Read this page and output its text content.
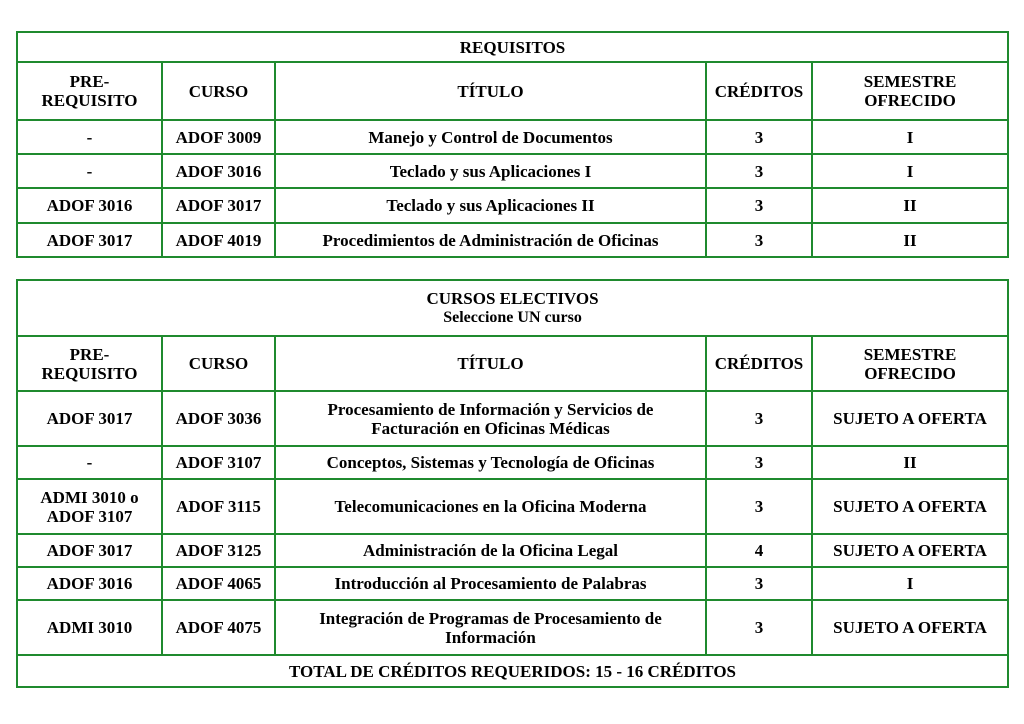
REQUISITOS				
PRE-
REQUISITO	CURSO	TÍTULO	CRÉDITOS	SEMESTRE
OFRECIDO
-	ADOF 3009	Manejo y Control de Documentos	3	I
-	ADOF 3016	Teclado y sus Aplicaciones I	3	I
ADOF 3016	ADOF 3017	Teclado y sus Aplicaciones II	3	II
ADOF 3017	ADOF 4019	Procedimientos de Administración de Oficinas	3	II
CURSOS ELECTIVOS
Seleccione UN curso				

PRE-
REQUISITO	CURSO	TÍTULO	CRÉDITOS	SEMESTRE
OFRECIDO
ADOF 3017	ADOF 3036	Procesamiento de Información y Servicios de
Facturación en Oficinas Médicas	3	SUJETO A OFERTA
-	ADOF 3107	Conceptos, Sistemas y Tecnología de Oficinas	3	II
ADMI 3010 o
ADOF 3107	ADOF 3115	Telecomunicaciones en la Oficina Moderna	3	SUJETO A OFERTA
ADOF 3017	ADOF 3125	Administración de la Oficina Legal	4	SUJETO A OFERTA
ADOF 3016	ADOF 4065	Introducción al Procesamiento de Palabras	3	I
ADMI 3010	ADOF 4075	Integración de Programas de Procesamiento de
Información	3	SUJETO A OFERTA
TOTAL DE CRÉDITOS REQUERIDOS: 15 - 16 CRÉDITOS				
